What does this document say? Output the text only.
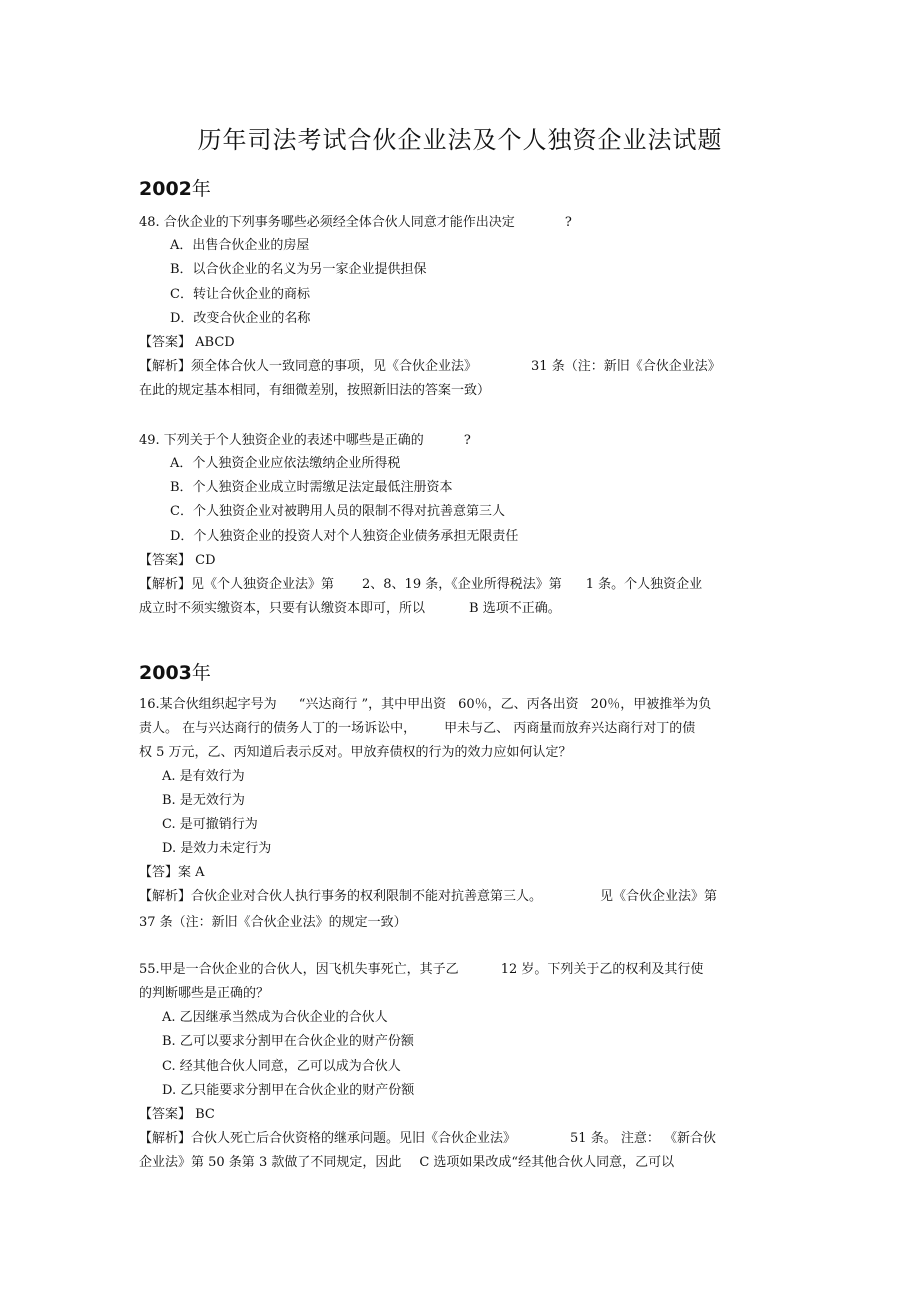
历年司法考试合伙企业法及个人独资企业法试题
2002年
48. 合伙企业的下列事务哪些必须经全体合伙人同意才能作出决定	?
A．出售合伙企业的房屋
B．以合伙企业的名义为另一家企业提供担保
C．转让合伙企业的商标
D．改变合伙企业的名称
【答案】 ABCD
【解析】须全体合伙人一致同意的事项，见《合伙企业法》	31 条（注：新旧《合伙企业法》
在此的规定基本相同，有细微差别，按照新旧法的答案一致）
49. 下列关于个人独资企业的表述中哪些是正确的	?
A．个人独资企业应依法缴纳企业所得税
B．个人独资企业成立时需缴足法定最低注册资本
C．个人独资企业对被聘用人员的限制不得对抗善意第三人
D．个人独资企业的投资人对个人独资企业债务承担无限责任
【答案】 CD
【解析】见《个人独资企业法》第 2、8、19 条，《企业所得税法》第 1 条。个人独资企业
成立时不须实缴资本，只要有认缴资本即可，所以	B 选项不正确。
2003年
16.某合伙组织起字号为 “兴达商行 ”，其中甲出资 60％，乙、丙各出资 20％，甲被推举为负
责人。 在与兴达商行的债务人丁的一场诉讼中， 甲未与乙、 丙商量而放弃兴达商行对丁的债
权 5 万元，乙、丙知道后表示反对。甲放弃债权的行为的效力应如何认定？
A. 是有效行为
B. 是无效行为
C. 是可撤销行为
D. 是效力未定行为
【答】案 A
【解析】合伙企业对合伙人执行事务的权利限制不能对抗善意第三人。	见《合伙企业法》第
37 条（注：新旧《合伙企业法》的规定一致）
55.甲是一合伙企业的合伙人，因飞机失事死亡，其子乙	12 岁。下列关于乙的权利及其行使
的判断哪些是正确的？
A. 乙因继承当然成为合伙企业的合伙人
B. 乙可以要求分割甲在合伙企业的财产份额
C. 经其他合伙人同意，乙可以成为合伙人
D. 乙只能要求分割甲在合伙企业的财产份额
【答案】 BC
【解析】合伙人死亡后合伙资格的继承问题。见旧《合伙企业法》	51 条。 注意： 《新合伙
企业法》第 50 条第 3 款做了不同规定，因此 C 选项如果改成“经其他合伙人同意，乙可以
